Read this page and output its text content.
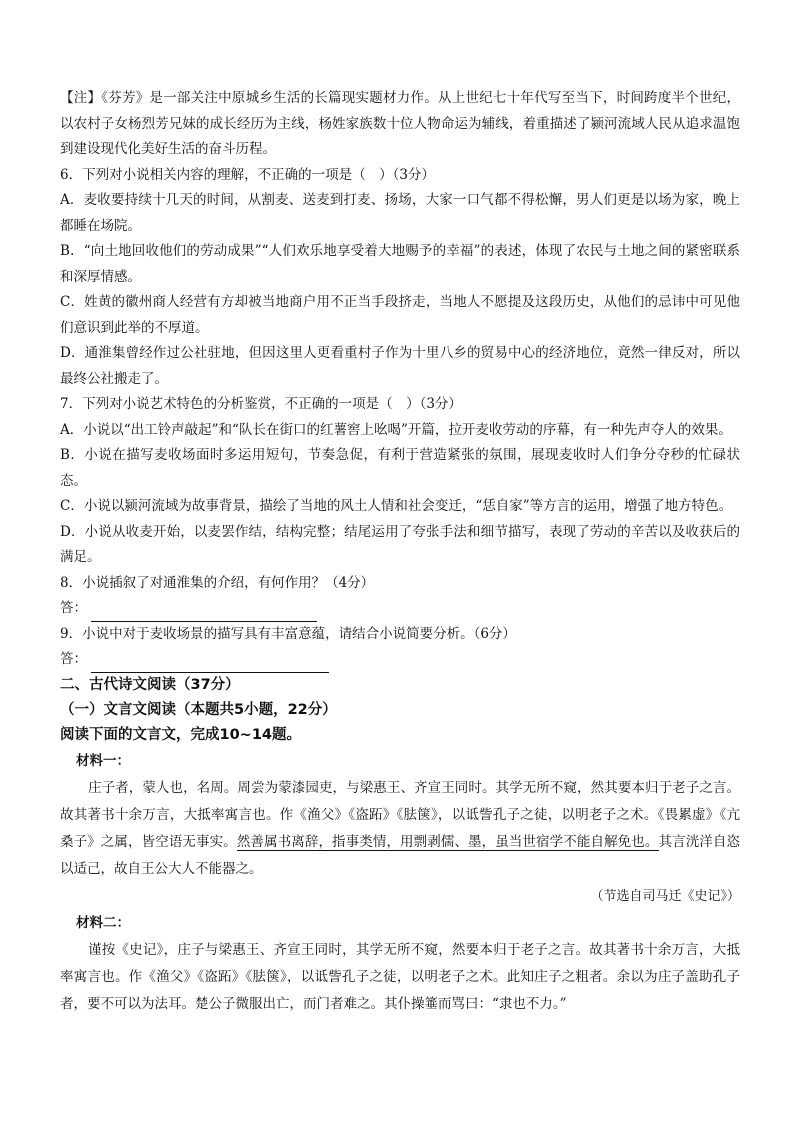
【注】《芬芳》是一部关注中原城乡生活的长篇现实题材力作。从上世纪七十年代写至当下，时间跨度半个世纪，以农村子女杨烈芳兄妹的成长经历为主线，杨姓家族数十位人物命运为辅线，着重描述了颍河流域人民从追求温饱到建设现代化美好生活的奋斗历程。

6．下列对小说相关内容的理解，不正确的一项是（　）（3分）

A．麦收要持续十几天的时间，从割麦、送麦到打麦、扬场，大家一口气都不得松懈，男人们更是以场为家，晚上都睡在场院。

B．“向土地回收他们的劳动成果”“人们欢乐地享受着大地赐予的幸福”的表述，体现了农民与土地之间的紧密联系和深厚情感。

C．姓黄的徽州商人经营有方却被当地商户用不正当手段挤走，当地人不愿提及这段历史，从他们的忌讳中可见他们意识到此举的不厚道。

D．通淮集曾经作过公社驻地，但因这里人更看重村子作为十里八乡的贸易中心的经济地位，竟然一律反对，所以最终公社搬走了。

7．下列对小说艺术特色的分析鉴赏，不正确的一项是（　）（3分）

A．小说以“出工铃声敲起”和“队长在街口的红薯窖上吆喝”开篇，拉开麦收劳动的序幕，有一种先声夺人的效果。

B．小说在描写麦收场面时多运用短句，节奏急促，有利于营造紧张的氛围，展现麦收时人们争分夺秒的忙碌状态。

C．小说以颍河流域为故事背景，描绘了当地的风土人情和社会变迁，“恁自家”等方言的运用，增强了地方特色。

D．小说从收麦开始，以麦罢作结，结构完整；结尾运用了夸张手法和细节描写，表现了劳动的辛苦以及收获后的满足。

8．小说插叙了对通淮集的介绍，有何作用？（4分）

答：

9．小说中对于麦收场景的描写具有丰富意蕴，请结合小说简要分析。（6分）

答：

二、古代诗文阅读（37分）

（一）文言文阅读（本题共5小题，22分）

阅读下面的文言文，完成10~14题。

材料一：

庄子者，蒙人也，名周。周尝为蒙漆园吏，与梁惠王、齐宣王同时。其学无所不窥，然其要本归于老子之言。故其著书十余万言，大抵率寓言也。作《渔父》《盗跖》《胠箧》，以诋訾孔子之徒，以明老子之术。《畏累虚》《亢桑子》之属，皆空语无事实。然善属书离辞，指事类情，用剽剥儒、墨，虽当世宿学不能自解免也。其言洸洋自恣以适己，故自王公大人不能器之。

（节选自司马迁《史记》）

材料二：

谨按《史记》，庄子与梁惠王、齐宣王同时，其学无所不窥，然要本归于老子之言。故其著书十余万言，大抵率寓言也。作《渔父》《盗跖》《胠箧》，以诋訾孔子之徒，以明老子之术。此知庄子之粗者。余以为庄子盖助孔子者，要不可以为法耳。楚公子微服出亡，而门者难之。其仆操箠而骂曰：“隶也不力。”
